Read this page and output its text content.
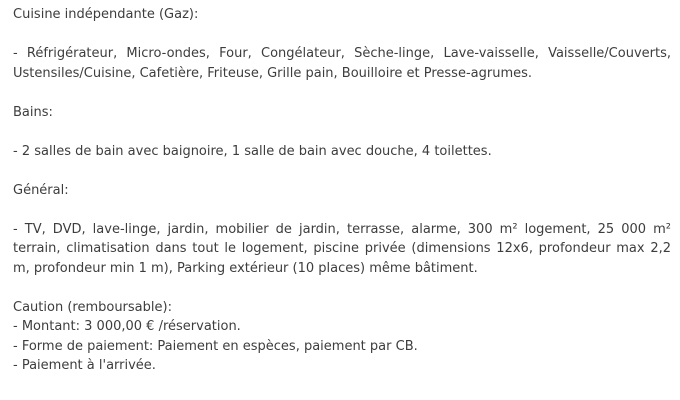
Cuisine indépendante (Gaz):

- Réfrigérateur, Micro-ondes, Four, Congélateur, Sèche-linge, Lave-vaisselle, Vaisselle/Couverts, Ustensiles/Cuisine, Cafetière, Friteuse, Grille pain, Bouilloire et Presse-agrumes.

Bains:

- 2 salles de bain avec baignoire, 1 salle de bain avec douche, 4 toilettes.

Général:

- TV, DVD, lave-linge, jardin, mobilier de jardin, terrasse, alarme, 300 m² logement, 25 000 m² terrain, climatisation dans tout le logement, piscine privée (dimensions 12x6, profondeur max 2,2 m, profondeur min 1 m), Parking extérieur (10 places) même bâtiment.

Caution (remboursable):

- Montant: 3 000,00 € /réservation.

- Forme de paiement: Paiement en espèces, paiement par CB.

- Paiement à l'arrivée.
